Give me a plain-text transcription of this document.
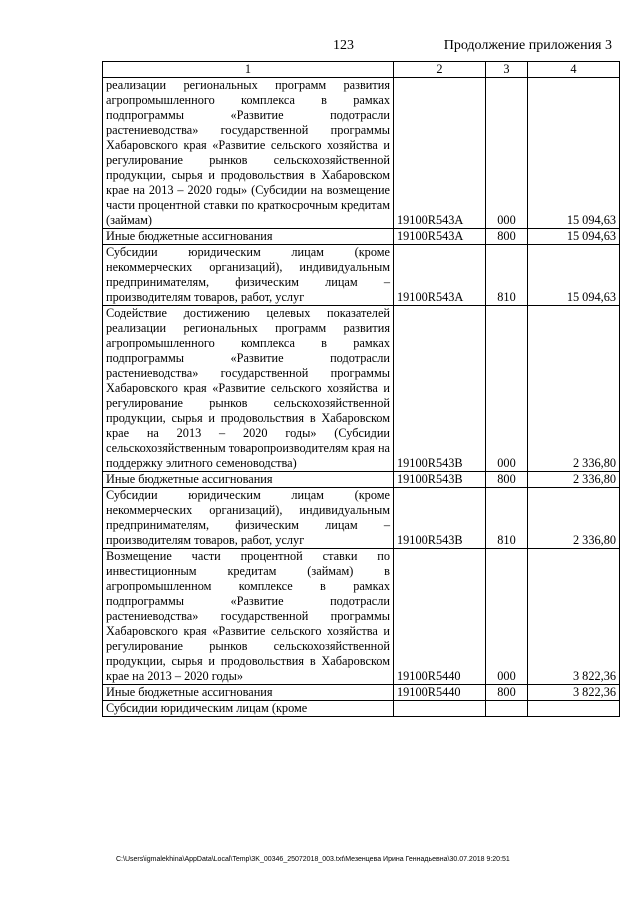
123	Продолжение приложения 3
1	2	3	4
реализации региональных программ развития агропромышленного комплекса в рамках подпрограммы «Развитие подотрасли растениеводства» государственной программы Хабаровского края «Развитие сельского хозяйства и регулирование рынков сельскохозяйственной продукции, сырья и продовольствия в Хабаровском крае на 2013 – 2020 годы» (Субсидии на возмещение части процентной ставки по краткосрочным кредитам (займам)	19100R543A	000	15 094,63
Иные бюджетные ассигнования	19100R543A	800	15 094,63
Субсидии юридическим лицам (кроме некоммерческих организаций), индивидуальным предпринимателям, физическим лицам – производителям товаров, работ, услуг	19100R543A	810	15 094,63
Содействие достижению целевых показателей реализации региональных программ развития агропромышленного комплекса в рамках подпрограммы «Развитие подотрасли растениеводства» государственной программы Хабаровского края «Развитие сельского хозяйства и регулирование рынков сельскохозяйственной продукции, сырья и продовольствия в Хабаровском крае на 2013 – 2020 годы» (Субсидии сельскохозяйственным товаропроизводителям края на поддержку элитного семеноводства)	19100R543B	000	2 336,80
Иные бюджетные ассигнования	19100R543B	800	2 336,80
Субсидии юридическим лицам (кроме некоммерческих организаций), индивидуальным предпринимателям, физическим лицам – производителям товаров, работ, услуг	19100R543B	810	2 336,80
Возмещение части процентной ставки по инвестиционным кредитам (займам) в агропромышленном комплексе в рамках подпрограммы «Развитие подотрасли растениеводства» государственной программы Хабаровского края «Развитие сельского хозяйства и регулирование рынков сельскохозяйственной продукции, сырья и продовольствия в Хабаровском крае на 2013 – 2020 годы»	19100R5440	000	3 822,36
Иные бюджетные ассигнования	19100R5440	800	3 822,36
Субсидии юридическим лицам (кроме			
C:\Users\igmalekhina\AppData\Local\Temp\3K_00346_25072018_003.txt\Мезенцева Ирина Геннадьевна\30.07.2018 9:20:51
